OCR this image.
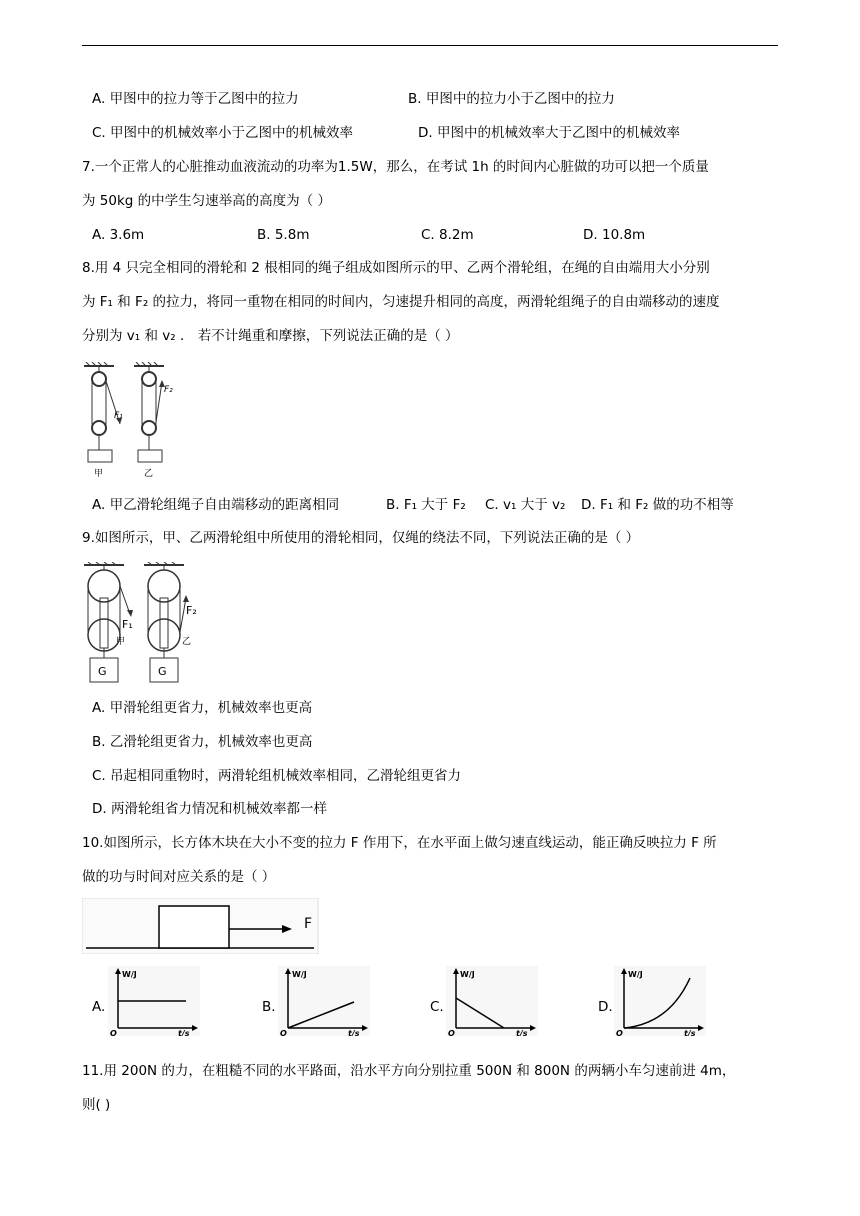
A. 甲图中的拉力等于乙图中的拉力	B. 甲图中的拉力小于乙图中的拉力
C. 甲图中的机械效率小于乙图中的机械效率	D. 甲图中的机械效率大于乙图中的机械效率
7.一个正常人的心脏推动血液流动的功率为1.5W，那么，在考试 1h 的时间内心脏做的功可以把一个质量
为 50kg 的中学生匀速举高的高度为（ ）
A. 3.6m	B. 5.8m	C. 8.2m	D. 10.8m
8.用 4 只完全相同的滑轮和 2 根相同的绳子组成如图所示的甲、乙两个滑轮组，在绳的自由端用大小分别
为 F₁ 和 F₂ 的拉力，将同一重物在相同的时间内，匀速提升相同的高度，两滑轮组绳子的自由端移动的速度
分别为 v₁ 和 v₂ ． 若不计绳重和摩擦，下列说法正确的是（ ）
F₁
甲
F₂
乙
A. 甲乙滑轮组绳子自由端移动的距离相同	B. F₁ 大于 F₂ C. v₁ 大于 v₂ D. F₁ 和 F₂ 做的功不相等
9.如图所示，甲、乙两滑轮组中所使用的滑轮相同，仅绳的绕法不同，下列说法正确的是（ ）
F₁
甲
G
F₂
乙
G
A. 甲滑轮组更省力，机械效率也更高
B. 乙滑轮组更省力，机械效率也更高
C. 吊起相同重物时，两滑轮组机械效率相同，乙滑轮组更省力
D. 两滑轮组省力情况和机械效率都一样
10.如图所示，长方体木块在大小不变的拉力 F 作用下，在水平面上做匀速直线运动，能正确反映拉力 F 所
做的功与时间对应关系的是（ ）
F
A.
W/J
t/s
O
B.
W/J
t/s
O
C.
W/J
t/s
O
D.
W/J
t/s
O
11.用 200N 的力，在粗糙不同的水平路面，沿水平方向分别拉重 500N 和 800N 的两辆小车匀速前进 4m，
则( )
